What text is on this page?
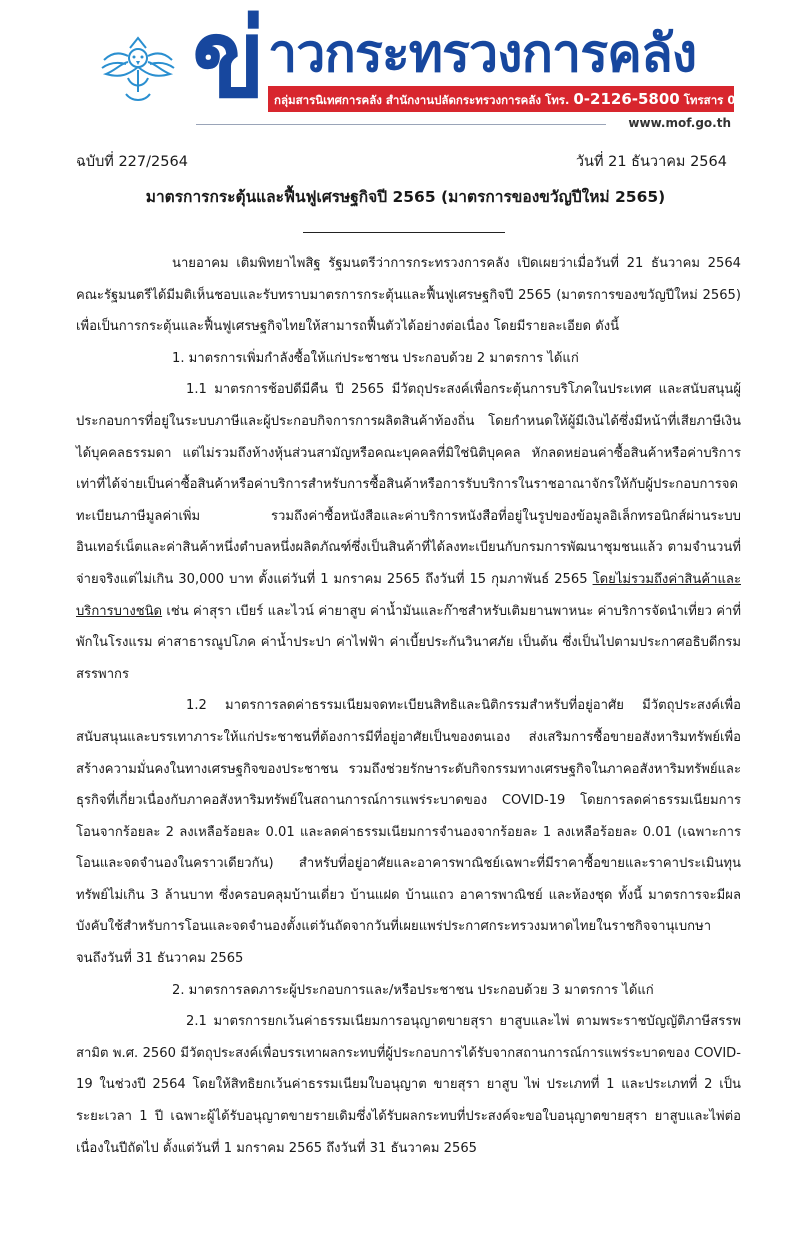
ข่ าวกระทรวงการคลัง
กลุ่มสารนิเทศการคลัง สำนักงานปลัดกระทรวงการคลัง โทร. 0-2126-5800 โทรสาร 0-2273-9763
www.mof.go.th
ฉบับที่ 227/2564	วันที่ 21 ธันวาคม 2564
มาตรการกระตุ้นและฟื้นฟูเศรษฐกิจปี 2565 (มาตรการของขวัญปีใหม่ 2565)

นายอาคม เติมพิทยาไพสิฐ รัฐมนตรีว่าการกระทรวงการคลัง เปิดเผยว่าเมื่อวันที่ 21 ธันวาคม 2564 คณะรัฐมนตรีได้มีมติเห็นชอบและรับทราบมาตรการกระตุ้นและฟื้นฟูเศรษฐกิจปี 2565 (มาตรการของขวัญปีใหม่ 2565) เพื่อเป็นการกระตุ้นและฟื้นฟูเศรษฐกิจไทยให้สามารถฟื้นตัวได้อย่างต่อเนื่อง โดยมีรายละเอียด ดังนี้

1. มาตรการเพิ่มกำลังซื้อให้แก่ประชาชน ประกอบด้วย 2 มาตรการ ได้แก่

1.1 มาตรการช้อปดีมีคืน ปี 2565 มีวัตถุประสงค์เพื่อกระตุ้นการบริโภคในประเทศ และสนับสนุนผู้ประกอบการที่อยู่ในระบบภาษีและผู้ประกอบกิจการการผลิตสินค้าท้องถิ่น โดยกำหนดให้ผู้มีเงินได้ซึ่งมีหน้าที่เสียภาษีเงินได้บุคคลธรรมดา แต่ไม่รวมถึงห้างหุ้นส่วนสามัญหรือคณะบุคคลที่มิใช่นิติบุคคล หักลดหย่อนค่าซื้อสินค้าหรือค่าบริการเท่าที่ได้จ่ายเป็นค่าซื้อสินค้าหรือค่าบริการสำหรับการซื้อสินค้าหรือการรับบริการในราชอาณาจักรให้กับผู้ประกอบการจดทะเบียนภาษีมูลค่าเพิ่ม รวมถึงค่าซื้อหนังสือและค่าบริการหนังสือที่อยู่ในรูปของข้อมูลอิเล็กทรอนิกส์ผ่านระบบอินเทอร์เน็ตและค่าสินค้าหนึ่งตำบลหนึ่งผลิตภัณฑ์ซึ่งเป็นสินค้าที่ได้ลงทะเบียนกับกรมการพัฒนาชุมชนแล้ว ตามจำนวนที่จ่ายจริงแต่ไม่เกิน 30,000 บาท ตั้งแต่วันที่ 1 มกราคม 2565 ถึงวันที่ 15 กุมภาพันธ์ 2565 โดยไม่รวมถึงค่าสินค้าและบริการบางชนิด เช่น ค่าสุรา เบียร์ และไวน์ ค่ายาสูบ ค่าน้ำมันและก๊าซสำหรับเติมยานพาหนะ ค่าบริการจัดนำเที่ยว ค่าที่พักในโรงแรม ค่าสาธารณูปโภค ค่าน้ำประปา ค่าไฟฟ้า ค่าเบี้ยประกันวินาศภัย เป็นต้น ซึ่งเป็นไปตามประกาศอธิบดีกรมสรรพากร

1.2 มาตรการลดค่าธรรมเนียมจดทะเบียนสิทธิและนิติกรรมสำหรับที่อยู่อาศัย มีวัตถุประสงค์เพื่อสนับสนุนและบรรเทาภาระให้แก่ประชาชนที่ต้องการมีที่อยู่อาศัยเป็นของตนเอง ส่งเสริมการซื้อขายอสังหาริมทรัพย์เพื่อสร้างความมั่นคงในทางเศรษฐกิจของประชาชน รวมถึงช่วยรักษาระดับกิจกรรมทางเศรษฐกิจในภาคอสังหาริมทรัพย์และธุรกิจที่เกี่ยวเนื่องกับภาคอสังหาริมทรัพย์ในสถานการณ์การแพร่ระบาดของ COVID-19 โดยการลดค่าธรรมเนียมการโอนจากร้อยละ 2 ลงเหลือร้อยละ 0.01 และลดค่าธรรมเนียมการจำนองจากร้อยละ 1 ลงเหลือร้อยละ 0.01 (เฉพาะการโอนและจดจำนองในคราวเดียวกัน) สำหรับที่อยู่อาศัยและอาคารพาณิชย์เฉพาะที่มีราคาซื้อขายและราคาประเมินทุนทรัพย์ไม่เกิน 3 ล้านบาท ซึ่งครอบคลุมบ้านเดี่ยว บ้านแฝด บ้านแถว อาคารพาณิชย์ และห้องชุด ทั้งนี้ มาตรการจะมีผลบังคับใช้สำหรับการโอนและจดจำนองตั้งแต่วันถัดจากวันที่เผยแพร่ประกาศกระทรวงมหาดไทยในราชกิจจานุเบกษาจนถึงวันที่ 31 ธันวาคม 2565

2. มาตรการลดภาระผู้ประกอบการและ/หรือประชาชน ประกอบด้วย 3 มาตรการ ได้แก่

2.1 มาตรการยกเว้นค่าธรรมเนียมการอนุญาตขายสุรา ยาสูบและไพ่ ตามพระราชบัญญัติภาษีสรรพสามิต พ.ศ. 2560 มีวัตถุประสงค์เพื่อบรรเทาผลกระทบที่ผู้ประกอบการได้รับจากสถานการณ์การแพร่ระบาดของ COVID-19 ในช่วงปี 2564 โดยให้สิทธิยกเว้นค่าธรรมเนียมใบอนุญาต ขายสุรา ยาสูบ ไพ่ ประเภทที่ 1 และประเภทที่ 2 เป็นระยะเวลา 1 ปี เฉพาะผู้ได้รับอนุญาตขายรายเดิมซึ่งได้รับผลกระทบที่ประสงค์จะขอใบอนุญาตขายสุรา ยาสูบและไพ่ต่อเนื่องในปีถัดไป ตั้งแต่วันที่ 1 มกราคม 2565 ถึงวันที่ 31 ธันวาคม 2565
